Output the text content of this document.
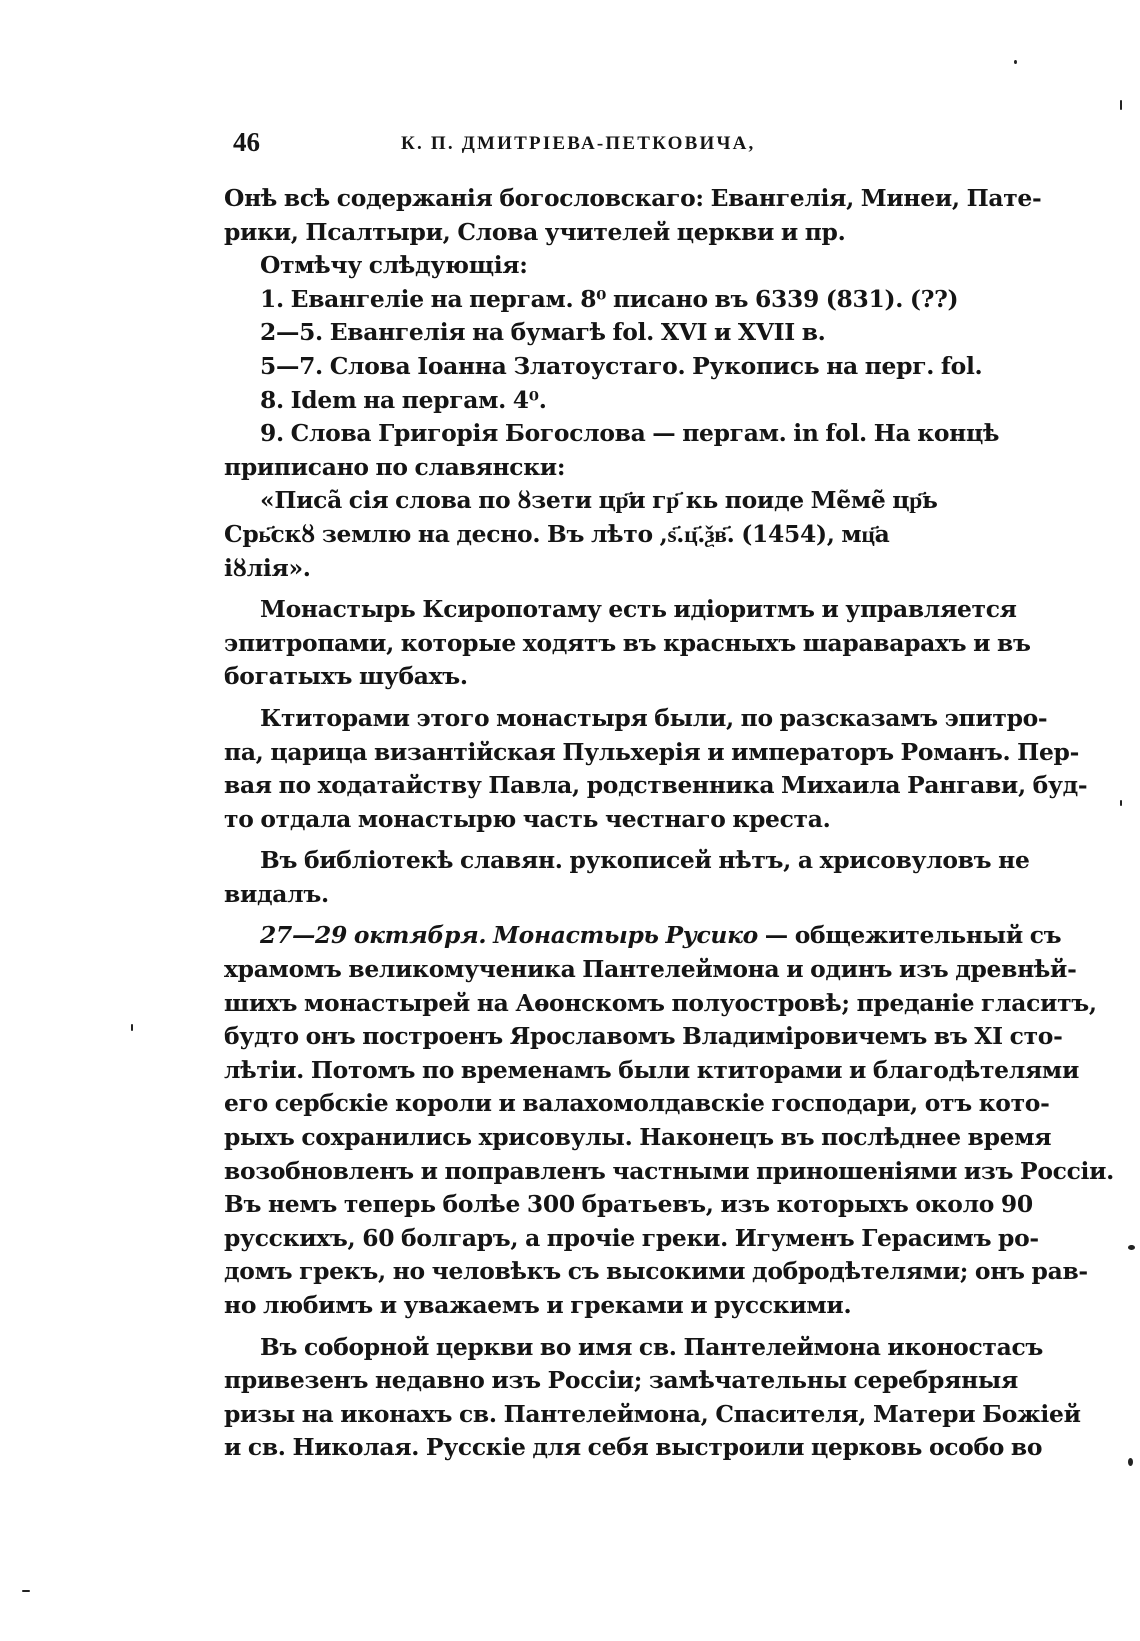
46	К. П. ДМИТРІЕВА-ПЕТКОВИЧА,

Онѣ всѣ содержанія богословскаго: Евангелія, Минеи, Пате-
рики, Псалтыри, Слова учителей церкви и пр.

Отмѣчу слѣдующія:

1. Евангеліе на пергам. 8⁰ писано въ 6339 (831). (??)

2—5. Евангелія на бумагѣ fol. XVI и XVII в.

5—7. Слова Іоанна Златоустаго. Рукопись на перг. fol.

8. Idem на пергам. 4⁰.

9. Слова Григорія Богослова — пергам. in fol. На концѣ

приписано по славянски:

«Писа̃ сія слова по ȣзети цр҃и гр҃ кь поиде Ме̃ме̃ цр҃ь
Срь҃скȣ землю на десно. Въ лѣто ,ѕ҃.ц҃.ѯв҃. (1454), мц҃а
іȣлія».

Монастырь Ксиропотаму есть идіоритмъ и управляется
эпитропами, которые ходятъ въ красныхъ шараварахъ и въ
богатыхъ шубахъ.

Ктиторами этого монастыря были, по разсказамъ эпитро-
па, царица византійская Пульхерія и императоръ Романъ. Пер-
вая по ходатайству Павла, родственника Михаила Рангави, буд-
то отдала монастырю часть честнаго креста.

Въ библіотекѣ славян. рукописей нѣтъ, а хрисовуловъ не
видалъ.

27—29 октября. Монастырь Русико — общежительный съ
храмомъ великомученика Пантелеймона и одинъ изъ древнѣй-
шихъ монастырей на Аѳонскомъ полуостровѣ; преданіе гласитъ,
будто онъ построенъ Ярославомъ Владиміровичемъ въ XI сто-
лѣтіи. Потомъ по временамъ были ктиторами и благодѣтелями
его сербскіе короли и валахомолдавскіе господари, отъ кото-
рыхъ сохранились хрисовулы. Наконецъ въ послѣднее время
возобновленъ и поправленъ частными приношеніями изъ Россіи.
Въ немъ теперь болѣе 300 братьевъ, изъ которыхъ около 90
русскихъ, 60 болгаръ, а прочіе греки. Игуменъ Герасимъ ро-
домъ грекъ, но человѣкъ съ высокими добродѣтелями; онъ рав-
но любимъ и уважаемъ и греками и русскими.

Въ соборной церкви во имя св. Пантелеймона иконостасъ
привезенъ недавно изъ Россіи; замѣчательны серебряныя
ризы на иконахъ св. Пантелеймона, Спасителя, Матери Божіей
и св. Николая. Русскіе для себя выстроили церковь особо во
